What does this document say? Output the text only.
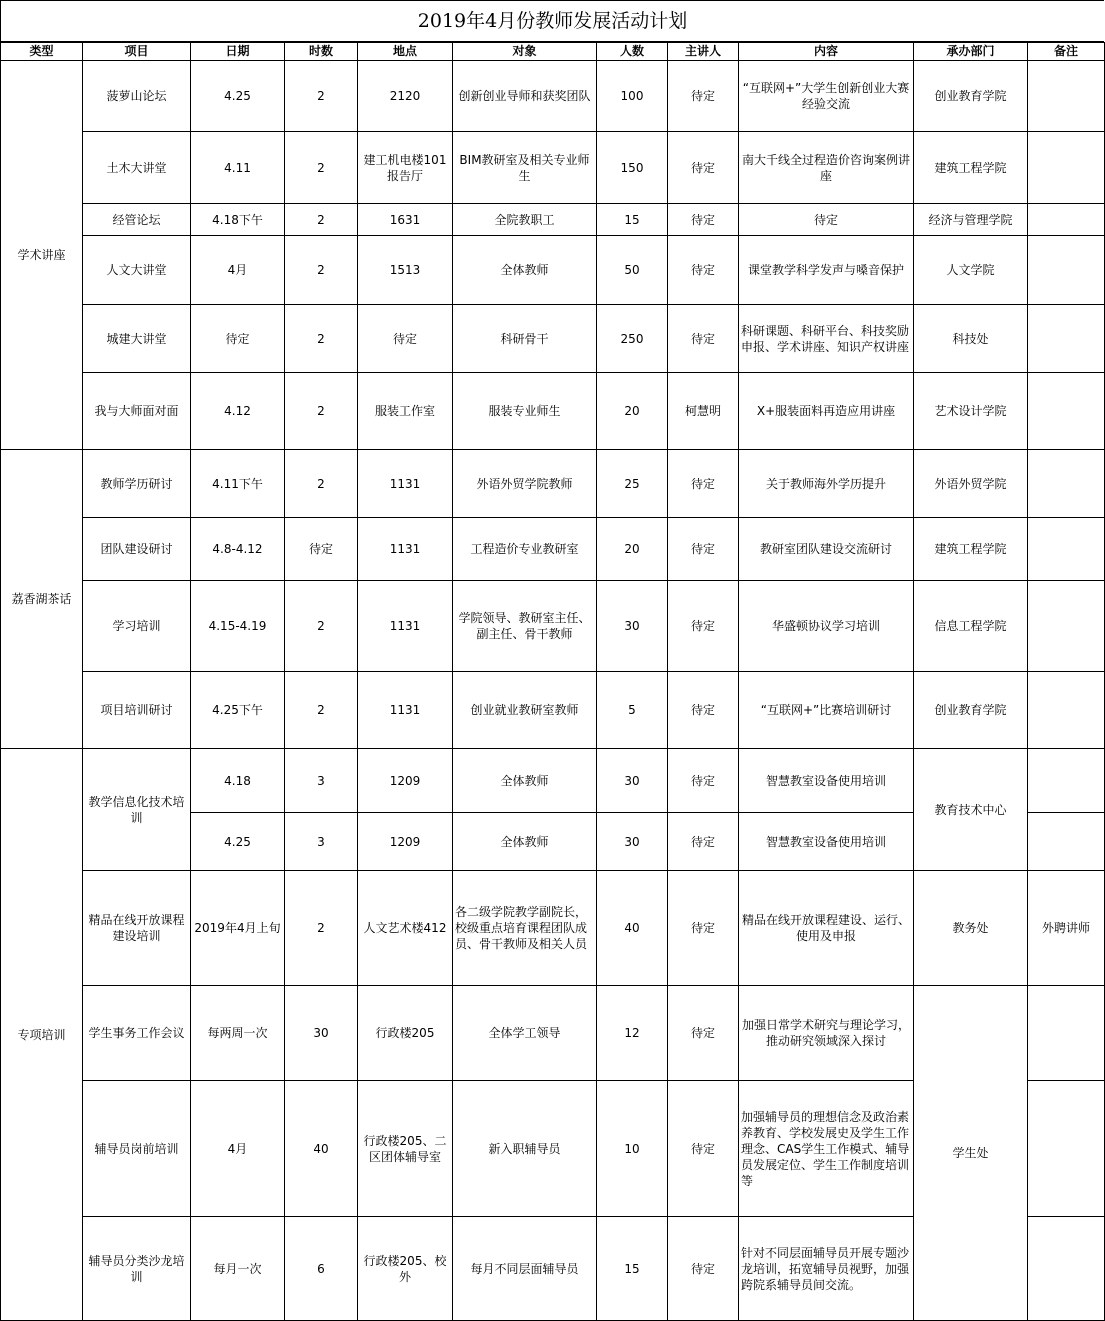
2019年4月份教师发展活动计划
类型	项目	日期	时数	地点	对象	人数	主讲人	内容	承办部门	备注
学术讲座	菠萝山论坛	4.25	2	2120	创新创业导师和获奖团队	100	待定	“互联网+”大学生创新创业大赛经验交流	创业教育学院	
	土木大讲堂	4.11	2	建工机电楼101报告厅	BIM教研室及相关专业师生	150	待定	南大千线全过程造价咨询案例讲座	建筑工程学院	
	经管论坛	4.18下午	2	1631	全院教职工	15	待定	待定	经济与管理学院	
	人文大讲堂	4月	2	1513	全体教师	50	待定	课堂教学科学发声与嗓音保护	人文学院	
	城建大讲堂	待定	2	待定	科研骨干	250	待定	科研课题、科研平台、科技奖励申报、学术讲座、知识产权讲座	科技处	
	我与大师面对面	4.12	2	服装工作室	服装专业师生	20	柯慧明	X+服装面料再造应用讲座	艺术设计学院	
荔香湖茶话	教师学历研讨	4.11下午	2	1131	外语外贸学院教师	25	待定	关于教师海外学历提升	外语外贸学院	
	团队建设研讨	4.8-4.12	待定	1131	工程造价专业教研室	20	待定	教研室团队建设交流研讨	建筑工程学院	
	学习培训	4.15-4.19	2	1131	学院领导、教研室主任、副主任、骨干教师	30	待定	华盛顿协议学习培训	信息工程学院	
	项目培训研讨	4.25下午	2	1131	创业就业教研室教师	5	待定	“互联网+”比赛培训研讨	创业教育学院	
专项培训	教学信息化技术培训	4.18	3	1209	全体教师	30	待定	智慧教室设备使用培训	教育技术中心	
		4.25	3	1209	全体教师	30	待定	智慧教室设备使用培训		
	精品在线开放课程建设培训	2019年4月上旬	2	人文艺术楼412	各二级学院教学副院长，校级重点培育课程团队成员、骨干教师及相关人员	40	待定	精品在线开放课程建设、运行、使用及申报	教务处	外聘讲师
	学生事务工作会议	每两周一次	30	行政楼205	全体学工领导	12	待定	加强日常学术研究与理论学习，推动研究领域深入探讨	学生处	
	辅导员岗前培训	4月	40	行政楼205、二区团体辅导室	新入职辅导员	10	待定	加强辅导员的理想信念及政治素养教育、学校发展史及学生工作理念、CAS学生工作模式、辅导员发展定位、学生工作制度培训等		
	辅导员分类沙龙培训	每月一次	6	行政楼205、校外	每月不同层面辅导员	15	待定	针对不同层面辅导员开展专题沙龙培训，拓宽辅导员视野，加强跨院系辅导员间交流。		
